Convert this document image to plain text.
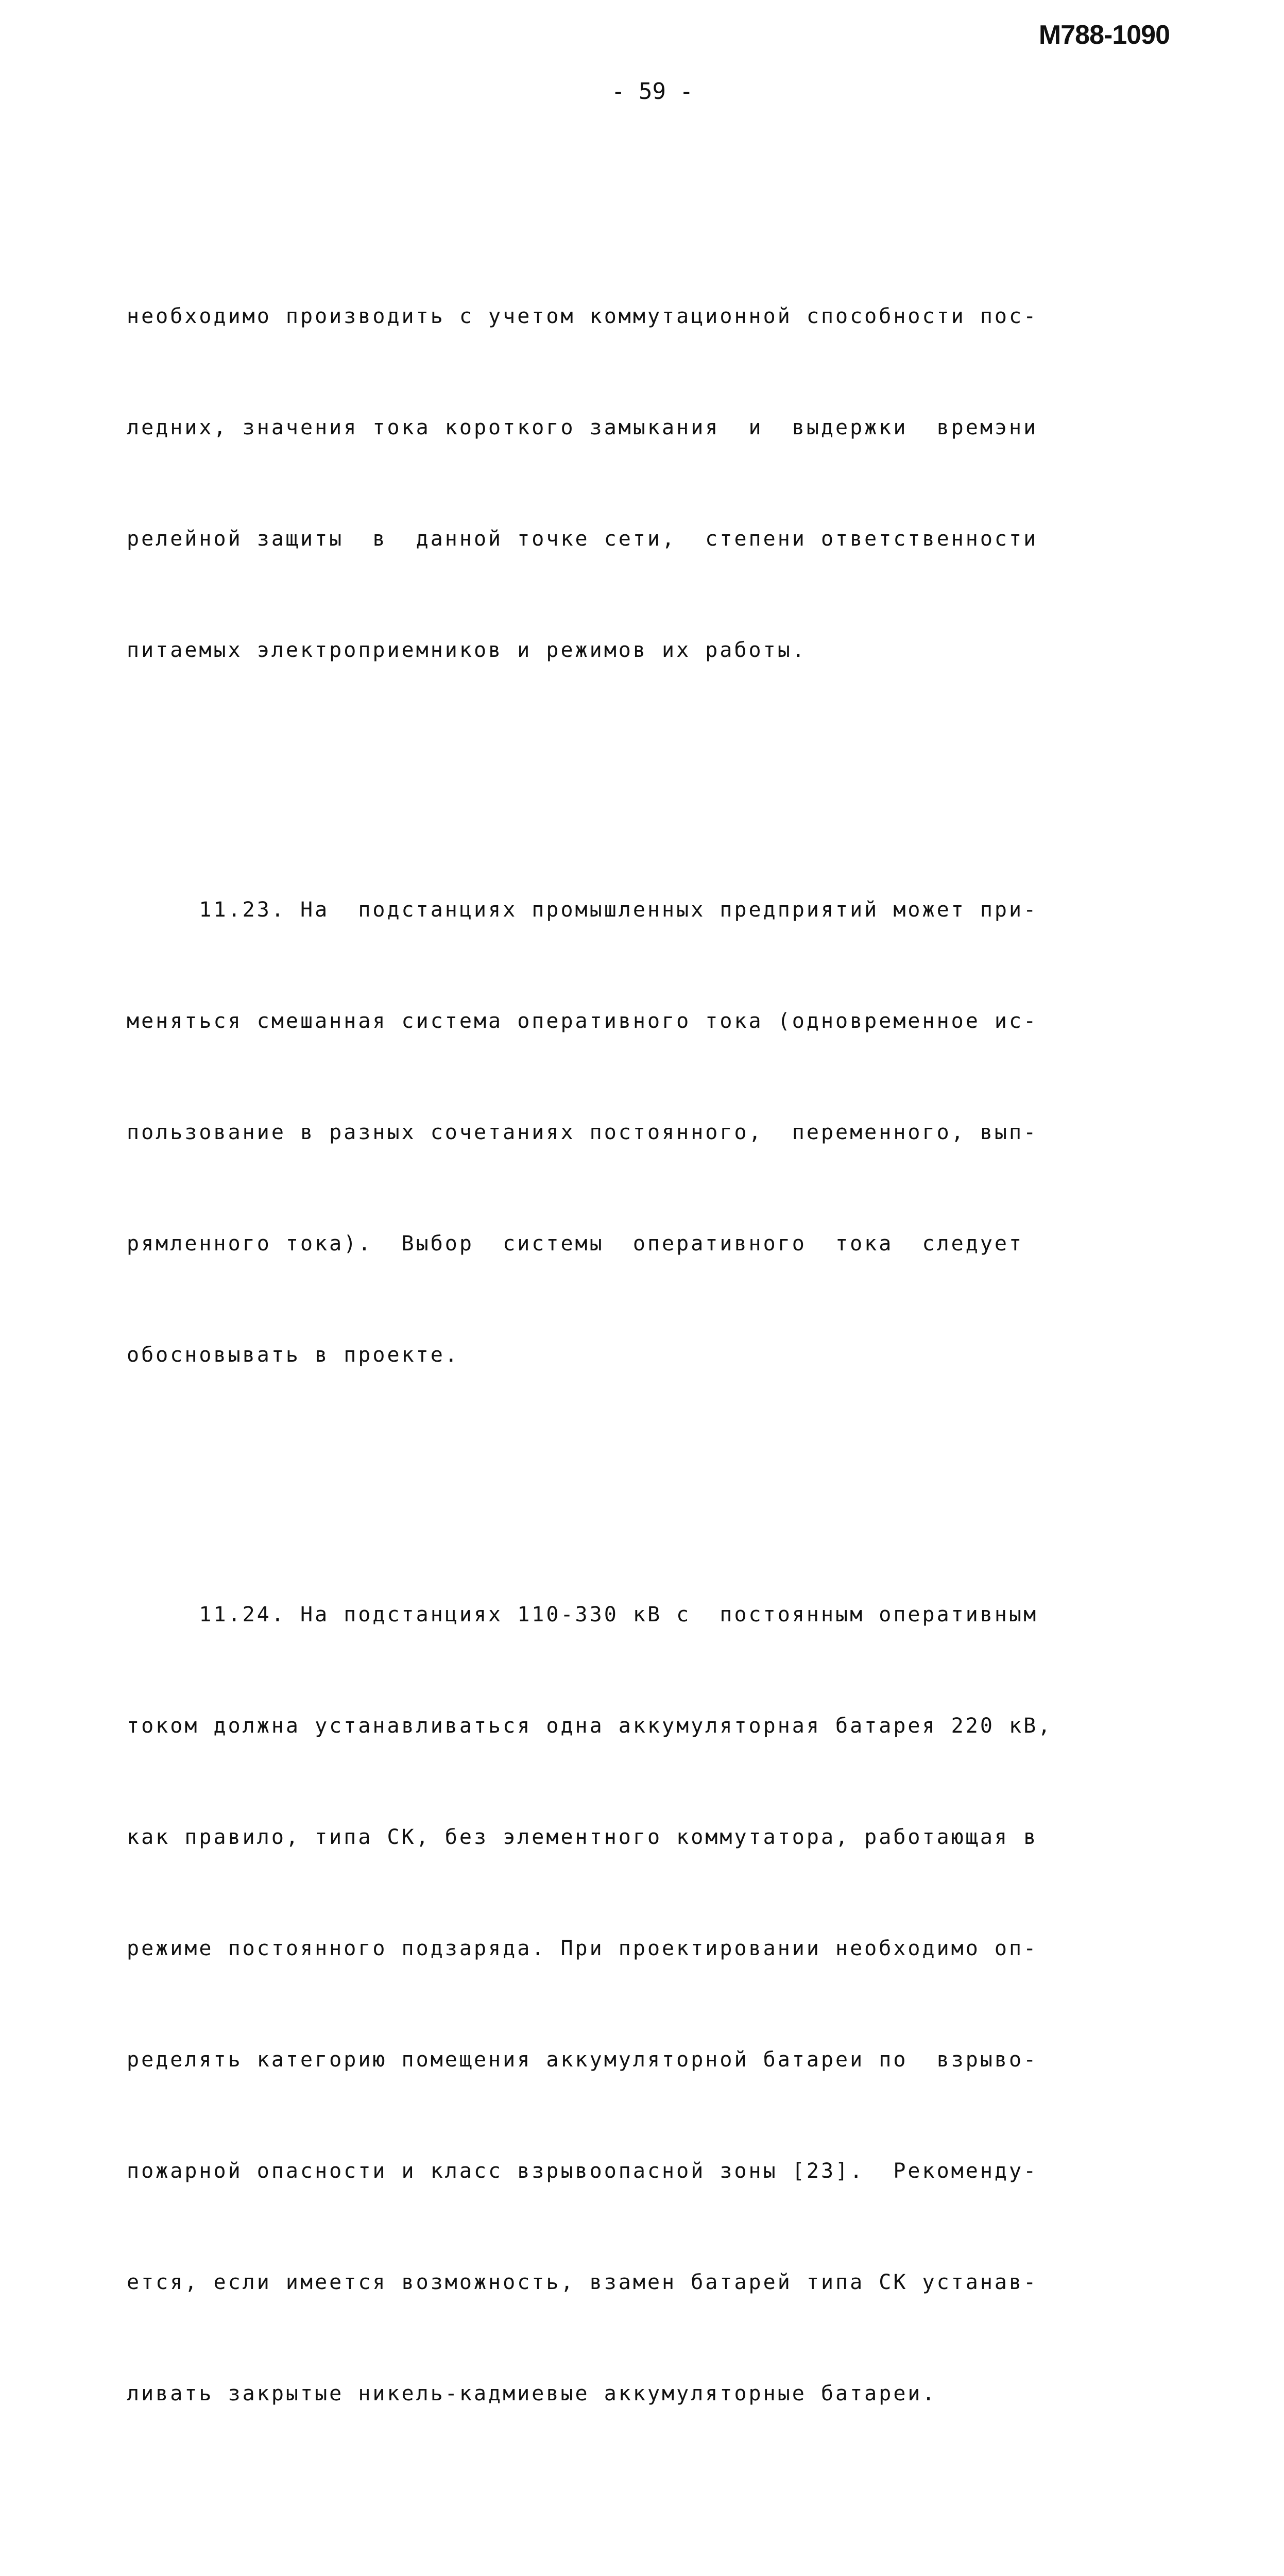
М788-1090
- 59 -

необходимо производить с учетом коммутационной способности пос-

ледних, значения тока короткого замыкания  и  выдержки  времэни

релейной защиты  в  данной точке сети,  степени ответственности

питаемых электроприемников и режимов их работы.

11.23. На  подстанциях промышленных предприятий может при-

меняться смешанная система оперативного тока (одновременное ис-

пользование в разных сочетаниях постоянного,  переменного, вып-

рямленного тока).  Выбор  системы  оперативного  тока  следует

обосновывать в проекте.

11.24. На подстанциях 110-330 кВ с  постоянным оперативным

током должна устанавливаться одна аккумуляторная батарея 220 кВ,

как правило, типа СК, без элементного коммутатора, работающая в

режиме постоянного подзаряда. При проектировании необходимо оп-

ределять категорию помещения аккумуляторной батареи по  взрыво-

пожарной опасности и класс взрывоопасной зоны [23].  Рекоменду-

ется, если имеется возможность, взамен батарей типа СК устанав-

ливать закрытые никель-кадмиевые аккумуляторные батареи.
